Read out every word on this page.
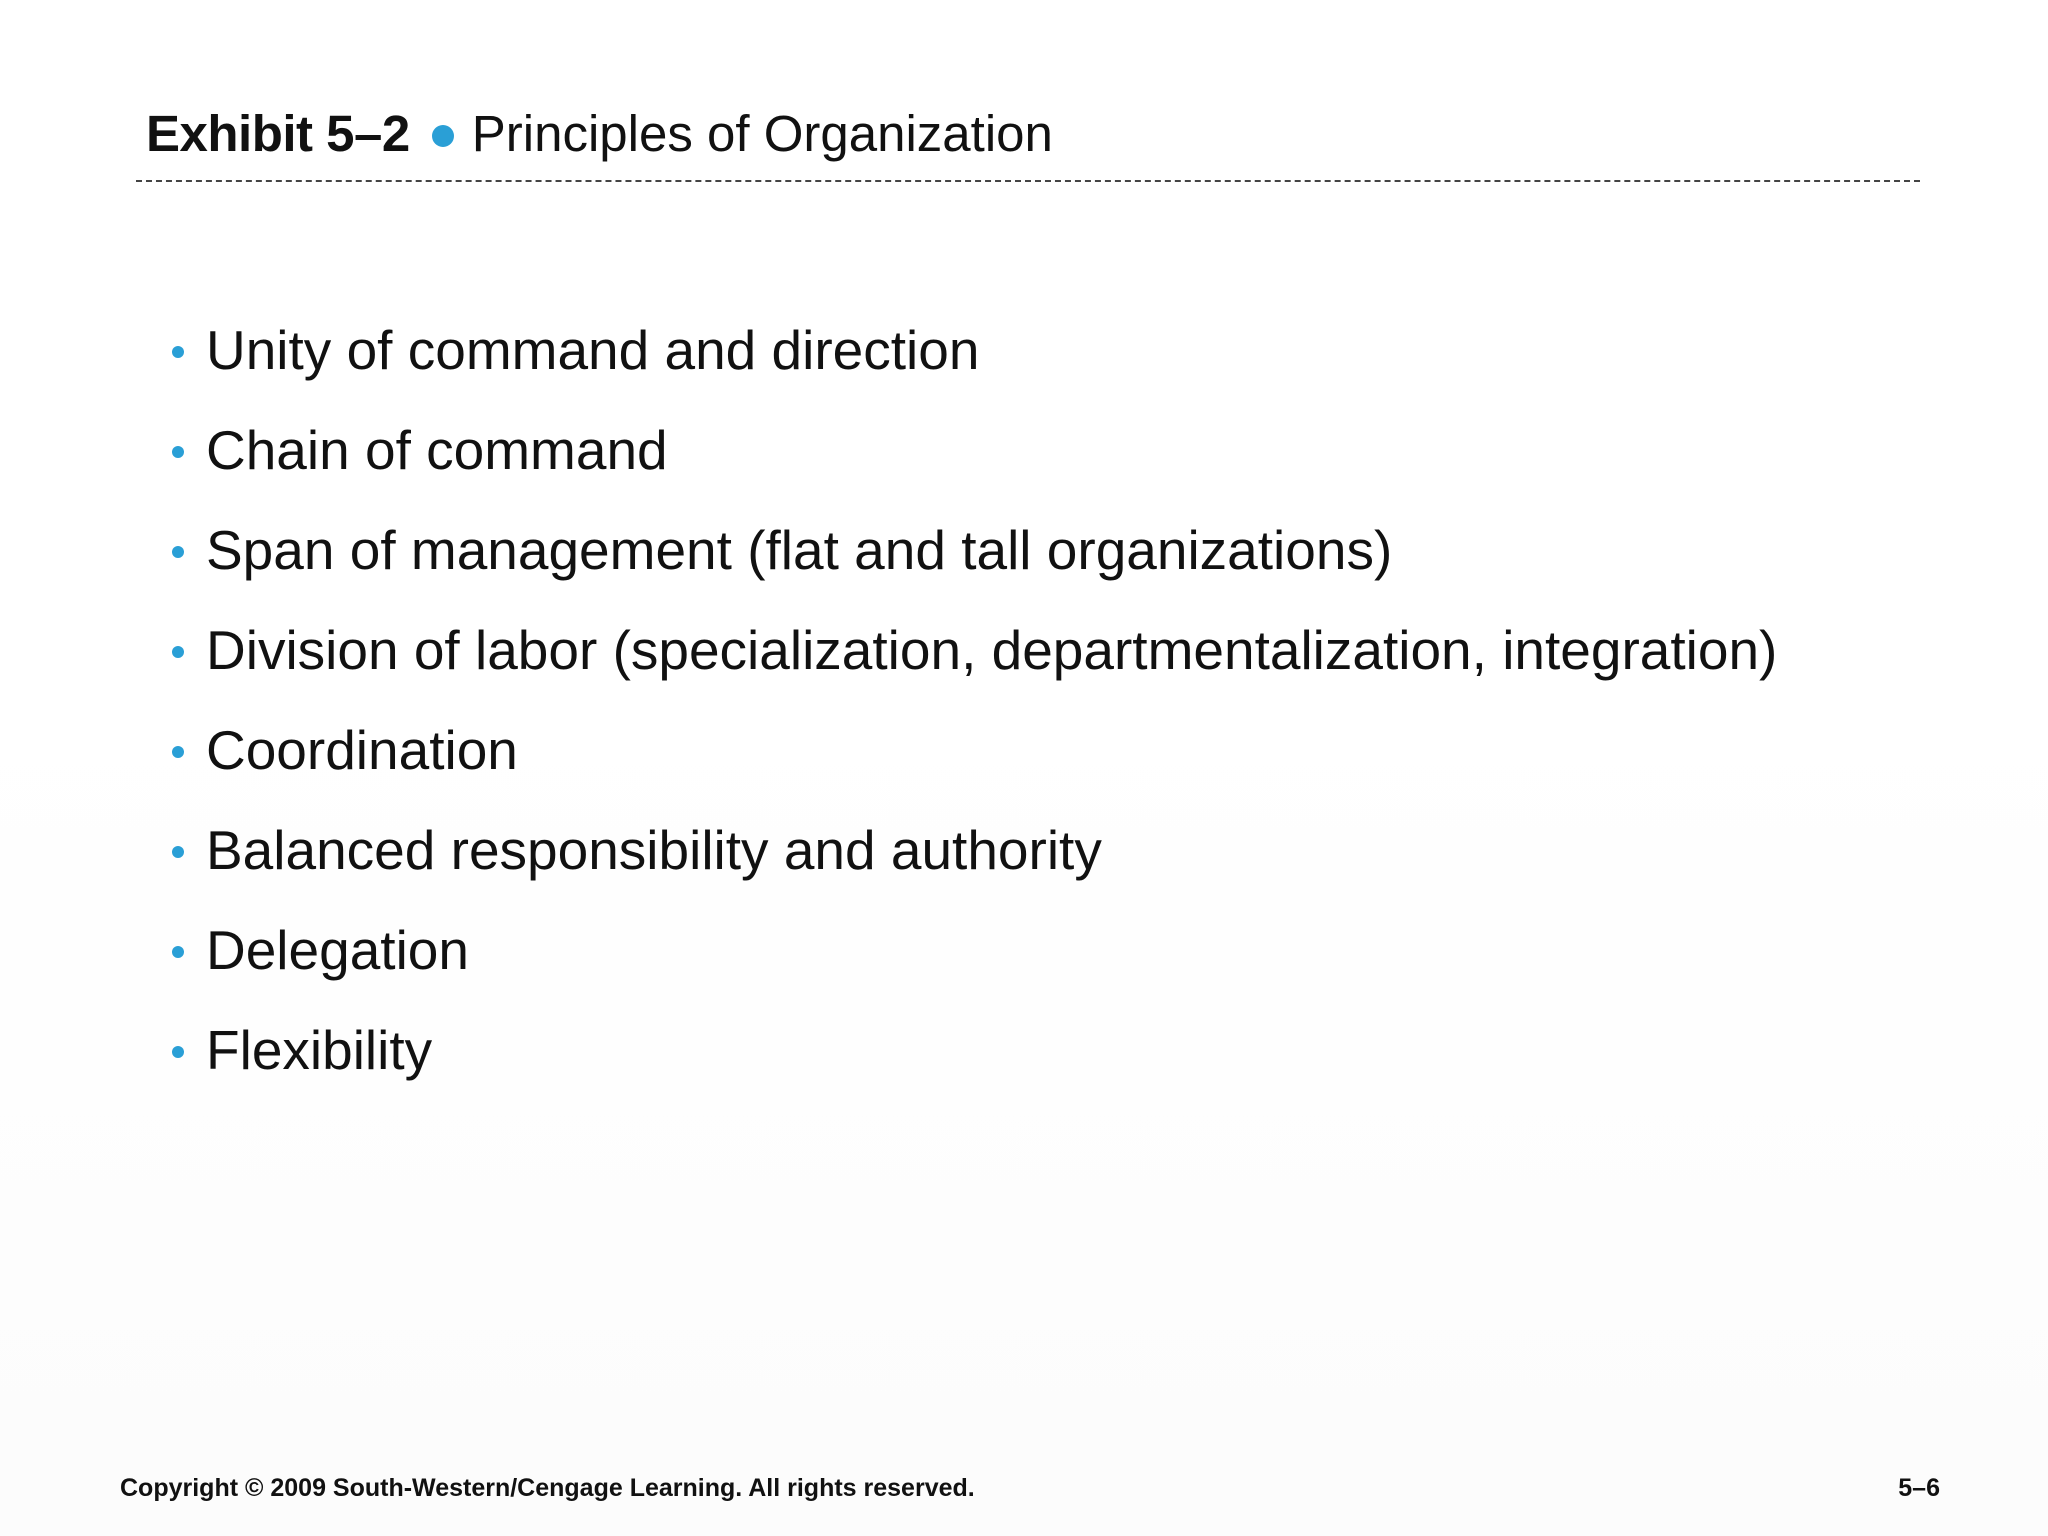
Exhibit 5–2 Principles of Organization
Unity of command and direction
Chain of command
Span of management (flat and tall organizations)
Division of labor (specialization, departmentalization, integration)
Coordination
Balanced responsibility and authority
Delegation
Flexibility
Copyright © 2009 South-Western/Cengage Learning. All rights reserved.	5–6
